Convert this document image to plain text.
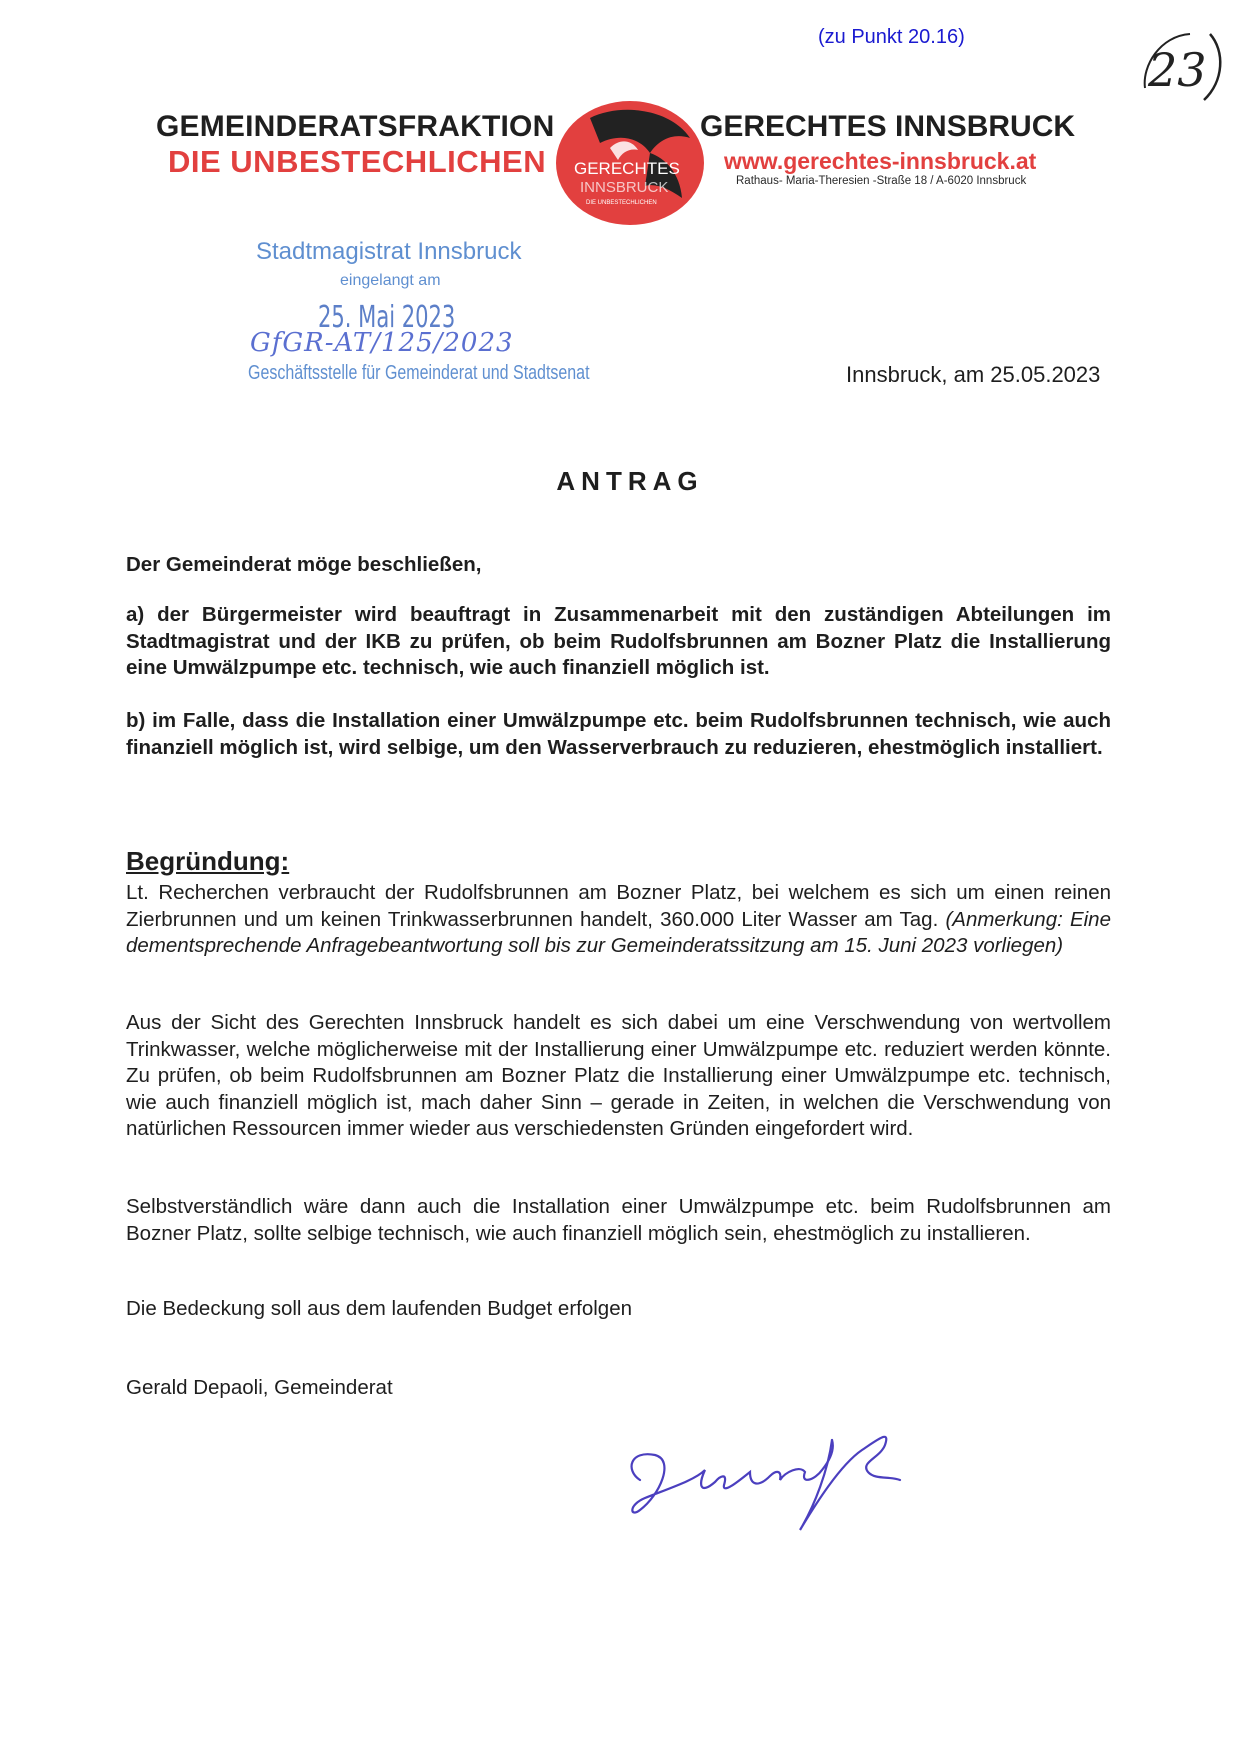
(zu Punkt 20.16)
23
GEMEINDERATSFRAKTION
DIE UNBESTECHLICHEN GERECHTES
INNSBRUCK
DIE UNBESTECHLICHEN
GERECHTES INNSBRUCK
www.gerechtes-innsbruck.at
Rathaus- Maria-Theresien -Straße 18 / A-6020 Innsbruck
Stadtmagistrat Innsbruck
eingelangt am
25. Mai 2023
GfGR-AT/125/2023
Geschäftsstelle für Gemeinderat und Stadtsenat	Innsbruck, am 25.05.2023
ANTRAG

Der Gemeinderat möge beschließen,

a) der Bürgermeister wird beauftragt in Zusammenarbeit mit den zuständigen Abteilungen im Stadtmagistrat und der IKB zu prüfen, ob beim Rudolfsbrunnen am Bozner Platz die Installierung eine Umwälzpumpe etc. technisch, wie auch finanziell möglich ist.

b) im Falle, dass die Installation einer Umwälzpumpe etc. beim Rudolfsbrunnen technisch, wie auch finanziell möglich ist, wird selbige, um den Wasserverbrauch zu reduzieren, ehestmöglich installiert.

Begründung:
Lt. Recherchen verbraucht der Rudolfsbrunnen am Bozner Platz, bei welchem es sich um einen reinen Zierbrunnen und um keinen Trinkwasserbrunnen handelt, 360.000 Liter Wasser am Tag. (Anmerkung: Eine dementsprechende Anfragebeantwortung soll bis zur Gemeinderatssitzung am 15. Juni 2023 vorliegen)

Aus der Sicht des Gerechten Innsbruck handelt es sich dabei um eine Verschwendung von wertvollem Trinkwasser, welche möglicherweise mit der Installierung einer Umwälzpumpe etc. reduziert werden könnte. Zu prüfen, ob beim Rudolfsbrunnen am Bozner Platz die Installierung einer Umwälzpumpe etc. technisch, wie auch finanziell möglich ist, mach daher Sinn – gerade in Zeiten, in welchen die Verschwendung von natürlichen Ressourcen immer wieder aus verschiedensten Gründen eingefordert wird.

Selbstverständlich wäre dann auch die Installation einer Umwälzpumpe etc. beim Rudolfsbrunnen am Bozner Platz, sollte selbige technisch, wie auch finanziell möglich sein, ehestmöglich zu installieren.

Die Bedeckung soll aus dem laufenden Budget erfolgen

Gerald Depaoli, Gemeinderat
